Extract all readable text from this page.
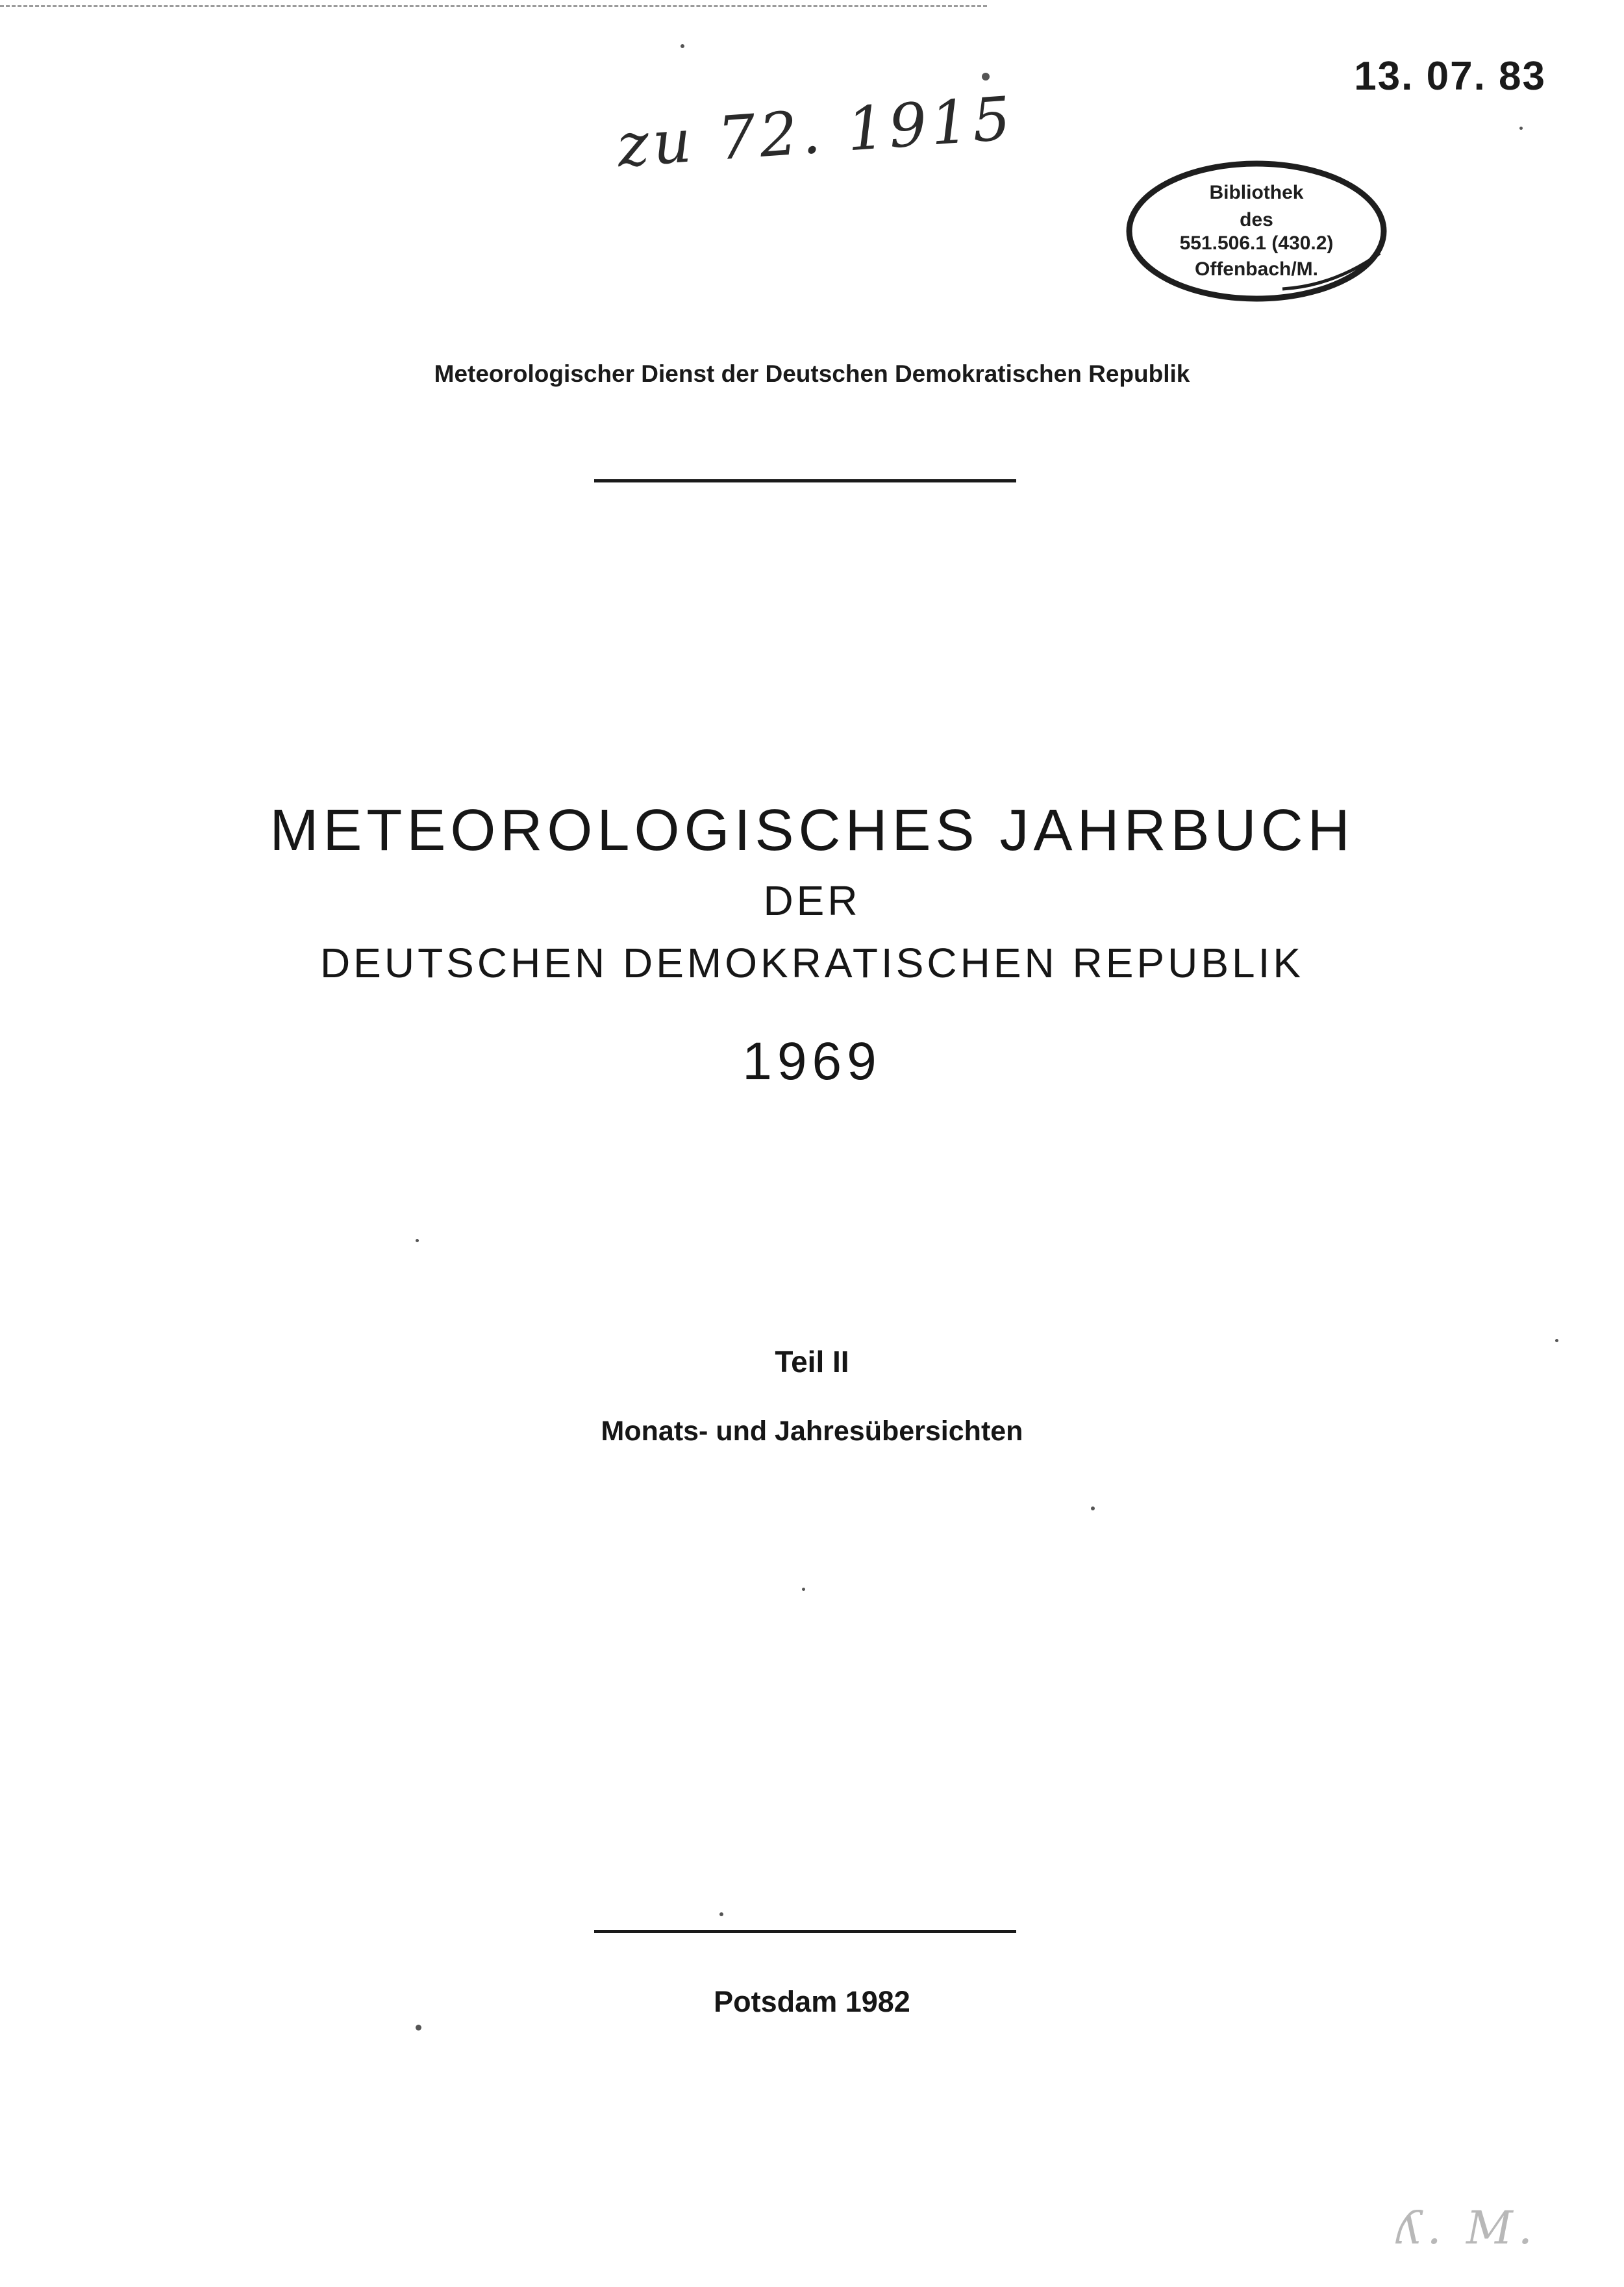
13. 07. 83
zu 72. 1915
Bibliothek
des
551.506.1 (430.2)
Offenbach/M.
Meteorologischer Dienst der Deutschen Demokratischen Republik
METEOROLOGISCHES JAHRBUCH
DER
DEUTSCHEN DEMOKRATISCHEN REPUBLIK
1969
Teil II
Monats- und Jahresübersichten
Potsdam 1982
ʎ. M.
